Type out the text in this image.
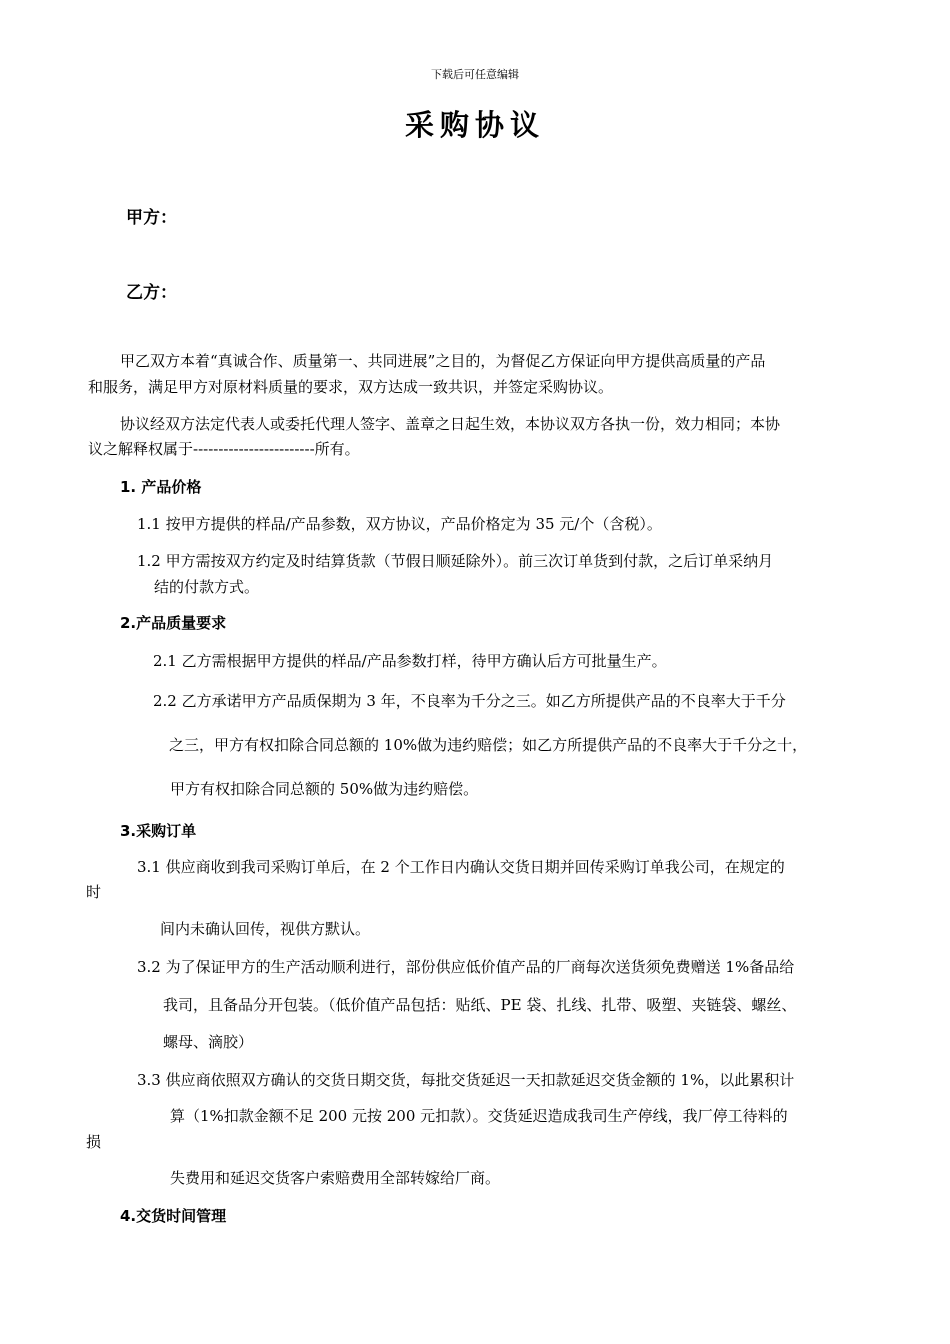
下载后可任意编辑
采购协议
甲方：
乙方：
甲乙双方本着“真诚合作、质量第一、共同进展”之目的，为督促乙方保证向甲方提供高质量的产品
和服务，满足甲方对原材料质量的要求，双方达成一致共识，并签定采购协议。
协议经双方法定代表人或委托代理人签字、盖章之日起生效，本协议双方各执一份，效力相同；本协
议之解释权属于------------------------所有。
1. 产品价格
1.1 按甲方提供的样品/产品参数，双方协议，产品价格定为 35 元/个（含税）。
1.2 甲方需按双方约定及时结算货款（节假日顺延除外）。前三次订单货到付款，之后订单采纳月
结的付款方式。
2.产品质量要求
2.1 乙方需根据甲方提供的样品/产品参数打样，待甲方确认后方可批量生产。
2.2 乙方承诺甲方产品质保期为 3 年，不良率为千分之三。如乙方所提供产品的不良率大于千分
之三，甲方有权扣除合同总额的 10%做为违约赔偿；如乙方所提供产品的不良率大于千分之十，
甲方有权扣除合同总额的 50%做为违约赔偿。
3.采购订单
3.1 供应商收到我司采购订单后，在 2 个工作日内确认交货日期并回传采购订单我公司，在规定的
时
间内未确认回传，视供方默认。
3.2 为了保证甲方的生产活动顺利进行，部份供应低价值产品的厂商每次送货须免费赠送 1%备品给
我司，且备品分开包装。（低价值产品包括：贴纸、PE 袋、扎线、扎带、吸塑、夹链袋、螺丝、
螺母、滴胶）
3.3 供应商依照双方确认的交货日期交货，每批交货延迟一天扣款延迟交货金额的 1%，以此累积计
算（1%扣款金额不足 200 元按 200 元扣款）。交货延迟造成我司生产停线，我厂停工待料的
损
失费用和延迟交货客户索赔费用全部转嫁给厂商。
4.交货时间管理
